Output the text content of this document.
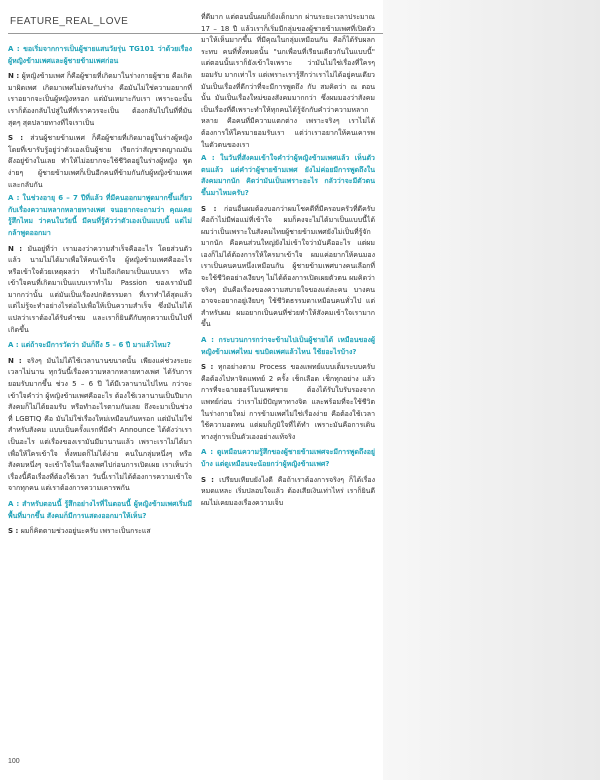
FEATURE_REAL_LOVE

A : ขอเริ่มจากการเป็นผู้ชายแสนวัยรุ่น TG101 ว่าด้วยเรื่องผู้หญิงข้ามเพศและผู้ชายข้ามเพศก่อน

N : ผู้หญิงข้ามเพศ ก็คือผู้ชายที่เกิดมาในร่างกายผู้ชาย คือเกิดมาผิดเพศ เกิดมาเพศไม่ตรงกับร่าง คือมันไม่ใช่ความอยากที่เราอยากจะเป็นผู้หญิงหรอก แต่มันเหมาะกับเรา เพราะฉะนั้น เราก็ต้องกลับไปสู่ในที่ที่เราควรจะเป็น ต้องกลับไปในที่ที่มันสุดๆ สุดปลายทางที่ใจเราเป็น

S : ส่วนผู้ชายข้ามเพศ ก็คือผู้ชายที่เกิดมาอยู่ในร่างผู้หญิง โดยที่เขารับรู้อยู่ว่าตัวเองเป็นผู้ชาย เรียกว่าสัญชาตญาณมันดึงอยู่ข้างในเลย ทำให้ไม่อยากจะใช้ชีวิตอยู่ในร่างผู้หญิง พูดง่ายๆ ผู้ชายข้ามเพศก็เป็นอีกคนที่ข้ามกันกับผู้หญิงข้ามเพศ และกลับกัน

A : ในช่วงอายุ 6 – 7 ปีที่แล้ว ที่มีคนออกมาพูดมากขึ้นเกี่ยวกับเรื่องความหลากหลายทางเพศ จนอยากจะถามว่า คุณเคยรู้สึกไหม ว่าคนในวัยนี้ มีคนที่รู้ตัวว่าตัวเองเป็นแบบนี้ แต่ไม่กล้าพูดออกมา

N : มันอยู่ที่ว่า เรามองว่าความสำเร็จคืออะไร โดยส่วนตัวแล้ว นามไม่ได้มาเพื่อให้คนเข้าใจ ผู้หญิงข้ามเพศคืออะไร หรือเข้าใจด้วยเหตุผลว่า ทำไมถึงเกิดมาเป็นแบบเรา หรือเข้าใจคนที่เกิดมาเป็นแบบเราทำไม Passion ของเรามันมีมากกว่านั้น แต่มันเป็นเรื่องปกติธรรมดา ที่เราทำได้สุดแล้ว แต่ไม่รู้จะทำอย่างไรต่อไปเพื่อให้เป็นความสำเร็จ ซึ่งมันไม่ได้แปลว่าเราต้องได้รับคำชม และเราก็ยินดีกับทุกความเป็นไปที่เกิดขึ้น

A : แต่ถ้าจะมีการวัดว่า มันก็ถึง 5 – 6 ปี มาแล้วไหม?

N : จริงๆ มันไม่ได้ใช้เวลานานขนาดนั้น เพียงแค่ช่วงระยะเวลาไม่นาน ทุกวันนี้เรื่องความหลากหลายทางเพศ ได้รับการยอมรับมากขึ้น ช่วง 5 – 6 ปี ได้มีเวลานานไปไหน กว่าจะเข้าใจคำว่า ผู้หญิงข้ามเพศคืออะไร ต้องใช้เวลานานเป็นปีมาก สังคมก็ไม่ได้ยอมรับ หรือทำอะไรตามกันเลย ถึงจะมาเป็นช่วงที่ LGBTIQ คือ มันไม่ใช่เรื่องใหม่เหมือนกันหรอก แต่มันไม่ใช่สำหรับสังคม แบบเป็นครั้งแรกที่มีคำ Announce ได้ดังว่าเราเป็นอะไร แต่เรื่องของเรามันมีมานานแล้ว เพราะเราไม่ได้มาเพื่อให้ใครเข้าใจ ทั้งหมดก็ไม่ได้ง่าย คนในกลุ่มหนึ่งๆ หรือสังคมหนึ่งๆ จะเข้าใจในเรื่องเพศไปก่อนการเปิดเผย เราเห็นว่าเรื่องนี้คือเรื่องที่ต้องใช้เวลา วันนี้เราไม่ได้ต้องการความเข้าใจจากทุกคน แต่เราต้องการความเคารพกัน

A : สำหรับตอนนี้ รู้สึกอย่างไรที่ในตอนนี้ ผู้หญิงข้ามเพศเริ่มมีพื้นที่มากขึ้น สังคมก็มีการแสดงออกมาให้เห็น?

S : ผมก็คิดตามช่วงอยู่นะครับ เพราะเป็นกระแส

ที่ดีมาก แต่ตอนนั้นผมก็ยังเด็กมาก ผ่านระยะเวลาประมาณ 17 – 18 ปี แล้วเราก็เริ่มมีกลุ่มของผู้ชายข้ามเพศที่เปิดตัวมาให้เห็นมากขึ้น ที่มีคุณในกลุ่มเหมือนกัน คือก็ได้รับผลกระทบ คนที่ทั้งหมดนั้น "นกเพื่อนที่เรียนเดียวกันในแบบนี้" แต่ตอนนั้นเราก็ยังเข้าใจเพราะ ว่ามันไม่ใช่เรื่องที่ใครๆ ยอมรับ มากเท่าไร แต่เพราะเรารู้สึกว่าเราไม่ได้อยู่คนเดียว มันเป็นเรื่องที่ดีกว่าที่จะมีการพูดถึง กับ สมคิดว่า ณ ตอนนั้น มันเป็นเรื่องใหม่ของสังคมมากกว่า ซึ่งผมมองว่าสังคมเป็นเรื่องที่ดีเพราะทำให้ทุกคนได้รู้จักกับคำว่าความหลากหลาย คือคนที่มีความแตกต่าง เพราะจริงๆ เราไม่ได้ต้องการให้ใครมายอมรับเรา แต่ว่าเราอยากให้คนเคารพในตัวตนของเรา

A : ในวันที่สังคมเข้าใจคำว่าผู้หญิงข้ามเพศแล้ว เห็นตัวตนแล้ว แต่คำว่าผู้ชายข้ามเพศ ยังไม่ค่อยมีการพูดถึงในสังคมมากนัก คิดว่ามันเป็นเพราะอะไร กลัวว่าจะมีตัวตนขึ้นมาไหมครับ?

S : ก่อนอื่นผมต้องบอกว่าผมโชคดีที่มีครอบครัวที่ดีครับ คือถ้าไม่มีพ่อแม่ที่เข้าใจ ผมก็คงจะไม่ได้มาเป็นแบบนี้ได้ ผมว่าเป็นเพราะในสังคมไทยผู้ชายข้ามเพศยังไม่เป็นที่รู้จักมากนัก คือคนส่วนใหญ่ยังไม่เข้าใจว่ามันคืออะไร แต่ผมเองก็ไม่ได้ต้องการให้ใครมาเข้าใจ ผมแค่อยากให้คนมองเราเป็นคนคนหนึ่งเหมือนกัน ผู้ชายข้ามเพศบางคนเลือกที่จะใช้ชีวิตอย่างเงียบๆ ไม่ได้ต้องการเปิดเผยตัวตน ผมคิดว่าจริงๆ มันคือเรื่องของความสบายใจของแต่ละคน บางคนอาจจะอยากอยู่เงียบๆ ใช้ชีวิตธรรมดาเหมือนคนทั่วไป แต่สำหรับผม ผมอยากเป็นคนที่ช่วยทำให้สังคมเข้าใจเรามากขึ้น

A : กระบวนการกว่าจะข้ามไปเป็นผู้ชายได้ เหมือนของผู้หญิงข้ามเพศไหม ขนบิดเพศแล้วไหน ใช้ยอะไรบ้าง?

S : ทุกอย่างตาม Process ของแพทย์แบบเต็มระบบครับ คือต้องไปหาจิตแพทย์ 2 ครั้ง เช็กเลือด เช็กทุกอย่าง แล้วการที่จะฉายฮอร์โมนเพศชาย ต้องได้รับใบรับรองจากแพทย์ก่อน ว่าเราไม่มีปัญหาทางจิต และพร้อมที่จะใช้ชีวิตในร่างกายใหม่ การข้ามเพศไม่ใช่เรื่องง่าย คือต้องใช้เวลา ใช้ความอดทน แต่ผมก็ภูมิใจที่ได้ทำ เพราะมันคือการเดินทางสู่การเป็นตัวเองอย่างแท้จริง

A : ดูเหมือนความรู้สึกของผู้ชายข้ามเพศจะมีการพูดถึงอยู่บ้าง แต่ดูเหมือนจะน้อยกว่าผู้หญิงข้ามเพศ?

S : เปรียบเทียบยังไงดี คือถ้าเราต้องการจริงๆ ก็ได้เรื่องหมดแหละ เริ่มปลอบใจแล้ว ต้องเสียเงินเท่าไหร่ เราก็ยินดี ผมไม่เคยมองเรื่องความเจ็บ

100
